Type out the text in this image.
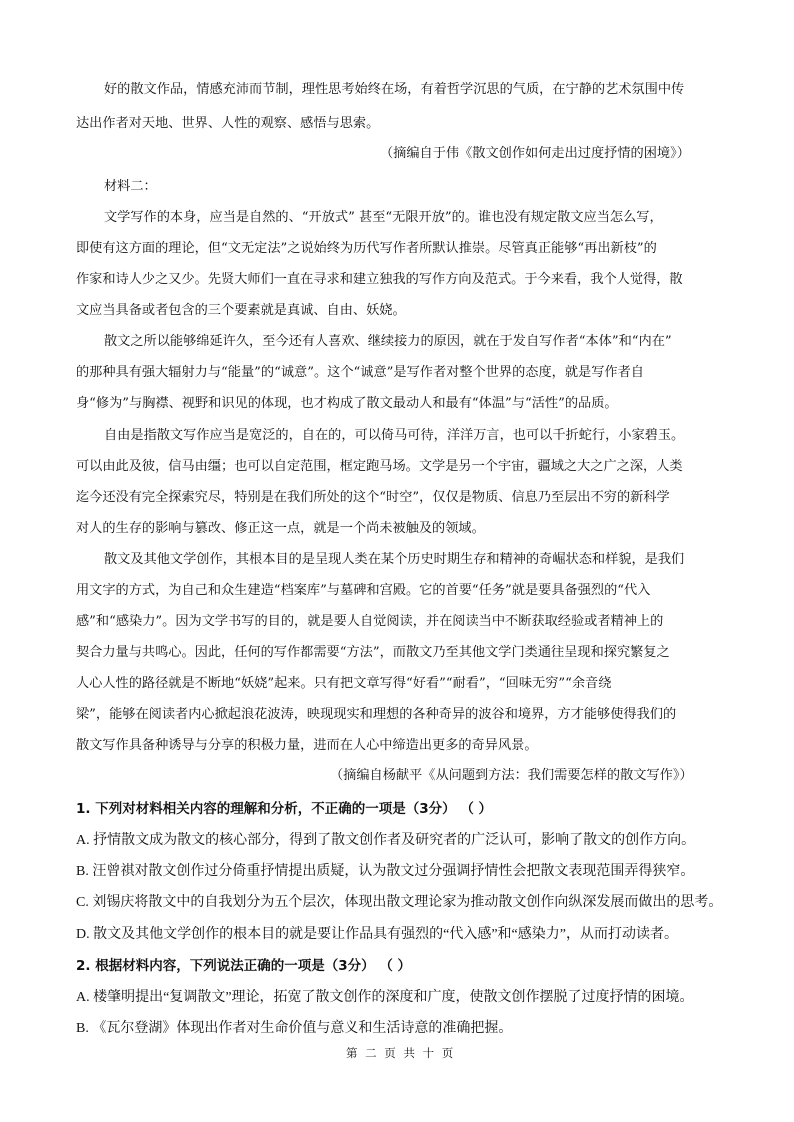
好的散文作品，情感充沛而节制，理性思考始终在场，有着哲学沉思的气质，在宁静的艺术氛围中传
达出作者对天地、世界、人性的观察、感悟与思索。
（摘编自于伟《散文创作如何走出过度抒情的困境》）
材料二：
文学写作的本身，应当是自然的、“开放式” 甚至“无限开放”的。谁也没有规定散文应当怎么写，
即使有这方面的理论，但“文无定法”之说始终为历代写作者所默认推崇。尽管真正能够“再出新枝”的
作家和诗人少之又少。先贤大师们一直在寻求和建立独我的写作方向及范式。于今来看，我个人觉得，散
文应当具备或者包含的三个要素就是真诚、自由、妖娆。
散文之所以能够绵延许久，至今还有人喜欢、继续接力的原因，就在于发自写作者“本体”和“内在”
的那种具有强大辐射力与“能量”的“诚意”。这个“诚意”是写作者对整个世界的态度，就是写作者自
身“修为”与胸襟、视野和识见的体现，也才构成了散文最动人和最有“体温”与“活性”的品质。
自由是指散文写作应当是宽泛的，自在的，可以倚马可待，洋洋万言，也可以千折蛇行，小家碧玉。
可以由此及彼，信马由缰；也可以自定范围，框定跑马场。文学是另一个宇宙，疆域之大之广之深，人类
迄今还没有完全探索究尽，特别是在我们所处的这个“时空”，仅仅是物质、信息乃至层出不穷的新科学
对人的生存的影响与篡改、修正这一点，就是一个尚未被触及的领域。
散文及其他文学创作，其根本目的是呈现人类在某个历史时期生存和精神的奇崛状态和样貌，是我们
用文字的方式，为自己和众生建造“档案库”与墓碑和宫殿。它的首要“任务”就是要具备强烈的“代入
感”和“感染力”。因为文学书写的目的，就是要人自觉阅读，并在阅读当中不断获取经验或者精神上的
契合力量与共鸣心。因此，任何的写作都需要“方法”，而散文乃至其他文学门类通往呈现和探究繁复之
人心人性的路径就是不断地“妖娆”起来。只有把文章写得“好看”“耐看”，“回味无穷”“余音绕
梁”，能够在阅读者内心掀起浪花波涛，映现现实和理想的各种奇异的波谷和境界，方才能够使得我们的
散文写作具备种诱导与分享的积极力量，进而在人心中缔造出更多的奇异风景。
（摘编自杨献平《从问题到方法：我们需要怎样的散文写作》）
1. 下列对材料相关内容的理解和分析，不正确的一项是（3分） （ ）
A. 抒情散文成为散文的核心部分，得到了散文创作者及研究者的广泛认可，影响了散文的创作方向。
B. 汪曾祺对散文创作过分倚重抒情提出质疑，认为散文过分强调抒情性会把散文表现范围弄得狭窄。
C. 刘锡庆将散文中的自我划分为五个层次，体现出散文理论家为推动散文创作向纵深发展而做出的思考。
D. 散文及其他文学创作的根本目的就是要让作品具有强烈的“代入感”和“感染力”，从而打动读者。
2. 根据材料内容，下列说法正确的一项是（3分） （ ）
A. 楼肇明提出“复调散文”理论，拓宽了散文创作的深度和广度，使散文创作摆脱了过度抒情的困境。
B. 《瓦尔登湖》体现出作者对生命价值与意义和生活诗意的准确把握。
第 二 页 共 十 页
